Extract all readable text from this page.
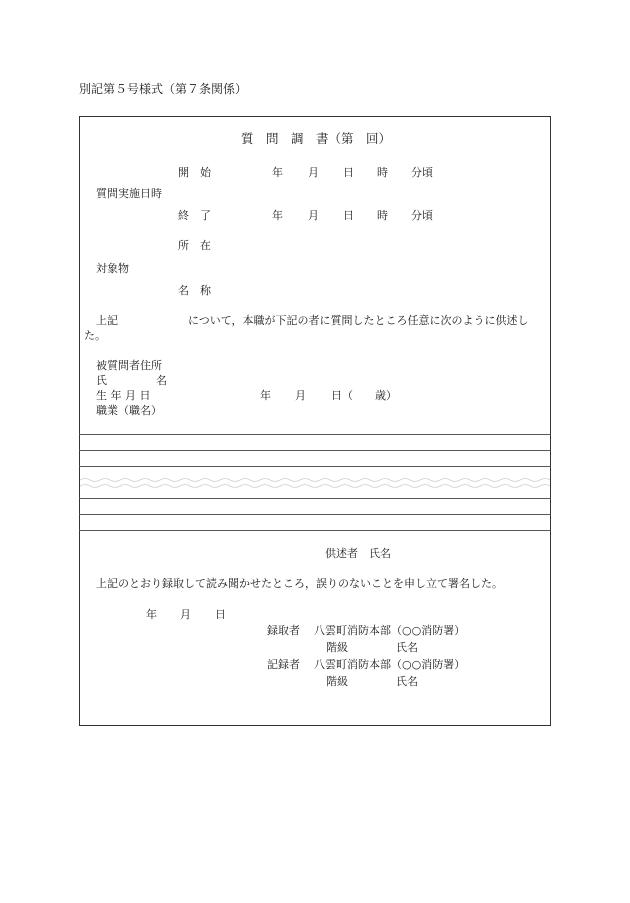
別記第５号様式（第７条関係）
質　問　調　書（第　回）
開　始	年 月 日 時 分頃
質問実施日時
終　了	年 月 日 時 分頃
所　在
対象物
名　称
上記	について，本職が下記の者に質問したところ任意に次のように供述し
た。
被質問者住所
氏	名
生 年 月 日	年 月 日（ 歳）
職業（職名）
供述者　氏名
上記のとおり録取して読み聞かせたところ，誤りのないことを申し立て署名した。
年 月 日
録取者 八雲町消防本部（○○消防署）
階級	氏名
記録者 八雲町消防本部（○○消防署）
階級	氏名
